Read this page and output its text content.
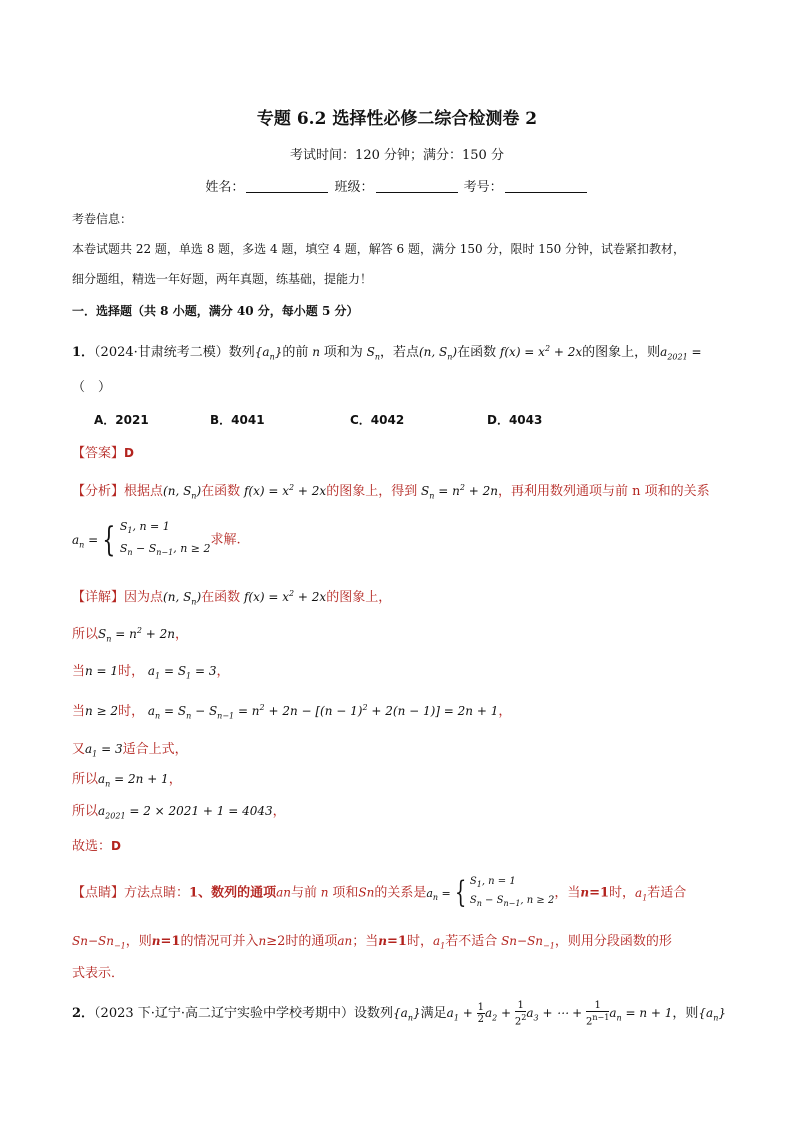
专题 6.2 选择性必修二综合检测卷 2
考试时间：120 分钟；满分：150 分
姓名：	班级：	考号：
考卷信息：
本卷试题共 22 题，单选 8 题，多选 4 题，填空 4 题，解答 6 题，满分 150 分，限时 150 分钟，试卷紧扣教材，
细分题组，精选一年好题，两年真题，练基础，提能力！
一．选择题（共 8 小题，满分 40 分，每小题 5 分）
1．（2024·甘肃统考二模）数列$\{a_n\}$的前 n 项和为 $S_n$，若点(n, $S_n$)在函数 $f(x) = x^2 + 2x$的图象上，则$a_{2021}$ =
（　）
A．2021	B．4041	C．4042	D．4043
【答案】D
【分析】根据点(n, $S_n$)在函数 $f(x) = x^2 + 2x$的图象上，得到 $S_n = n^2 + 2n$，再利用数列通项与前 n 项和的关系
$a_n$ = { $S_1$, n = 1
$S_n - S_{n-1}$, n ≥ 2
求解.
【详解】因为点(n, $S_n$)在函数 $f(x) = x^2 + 2x$的图象上，
所以$S_n = n^2 + 2n$，
当n = 1时， $a_1 = S_1 = 3$，
当n ≥ 2时， $a_n = S_n - S_{n-1} = n^2 + 2n - [(n - 1)^2 + 2(n - 1)] = 2n + 1$，
又$a_1 = 3$适合上式，
所以$a_n = 2n + 1$，
所以$a_{2021} = 2 \times 2021 + 1 = 4043$，
故选：D
【点睛】方法点睛：1、数列的通项an与前 n 项和Sn的关系是$a_n$ = { $S_1$, n = 1
$S_n - S_{n-1}$, n ≥ 2 ，当n=1时，$a_1$若适合
$Sn-Sn_{-1}$，则n=1的情况可并入n≥2时的通项an；当n=1时，$a_1$若不适合 $Sn-Sn_{-1}$，则用分段函数的形
式表示．
2．（2023 下·辽宁·高二辽宁实验中学校考期中）设数列$\{a_n\}$满足$a_1 + \frac{1}{2} a_2 + \frac{1}{2^2} a_3$ + ⋯ + $\frac{1}{2^{n-1}} a_n = n + 1$，则$\{a_n\}$
